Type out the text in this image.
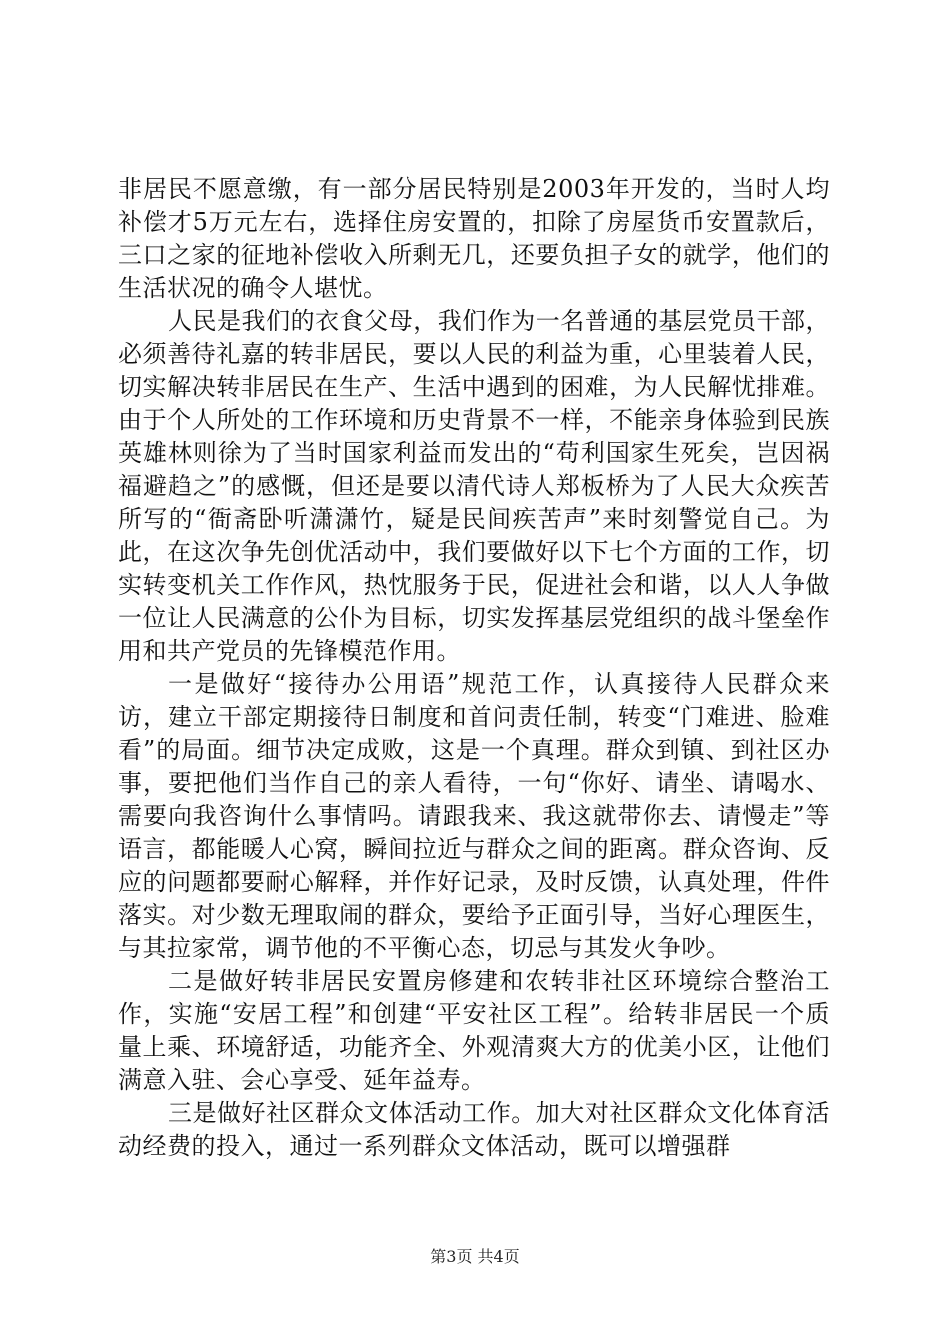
非居民不愿意缴，有一部分居民特别是2003年开发的，当时人均补偿才5万元左右，选择住房安置的，扣除了房屋货币安置款后，三口之家的征地补偿收入所剩无几，还要负担子女的就学，他们的生活状况的确令人堪忧。

人民是我们的衣食父母，我们作为一名普通的基层党员干部，必须善待礼嘉的转非居民，要以人民的利益为重，心里装着人民，切实解决转非居民在生产、生活中遇到的困难，为人民解忧排难。由于个人所处的工作环境和历史背景不一样，不能亲身体验到民族英雄林则徐为了当时国家利益而发出的“苟利国家生死矣，岂因祸福避趋之”的感慨，但还是要以清代诗人郑板桥为了人民大众疾苦所写的“衙斋卧听潇潇竹，疑是民间疾苦声”来时刻警觉自己。为此，在这次争先创优活动中，我们要做好以下七个方面的工作，切实转变机关工作作风，热忱服务于民，促进社会和谐，以人人争做一位让人民满意的公仆为目标，切实发挥基层党组织的战斗堡垒作用和共产党员的先锋模范作用。

一是做好“接待办公用语”规范工作，认真接待人民群众来访，建立干部定期接待日制度和首问责任制，转变“门难进、脸难看”的局面。细节决定成败，这是一个真理。群众到镇、到社区办事，要把他们当作自己的亲人看待，一句“你好、请坐、请喝水、需要向我咨询什么事情吗。请跟我来、我这就带你去、请慢走”等语言，都能暖人心窝，瞬间拉近与群众之间的距离。群众咨询、反应的问题都要耐心解释，并作好记录，及时反馈，认真处理，件件落实。对少数无理取闹的群众，要给予正面引导，当好心理医生，与其拉家常，调节他的不平衡心态，切忌与其发火争吵。

二是做好转非居民安置房修建和农转非社区环境综合整治工作，实施“安居工程”和创建“平安社区工程”。给转非居民一个质量上乘、环境舒适，功能齐全、外观清爽大方的优美小区，让他们满意入驻、会心享受、延年益寿。

三是做好社区群众文体活动工作。加大对社区群众文化体育活动经费的投入，通过一系列群众文体活动，既可以增强群

第3页 共4页
